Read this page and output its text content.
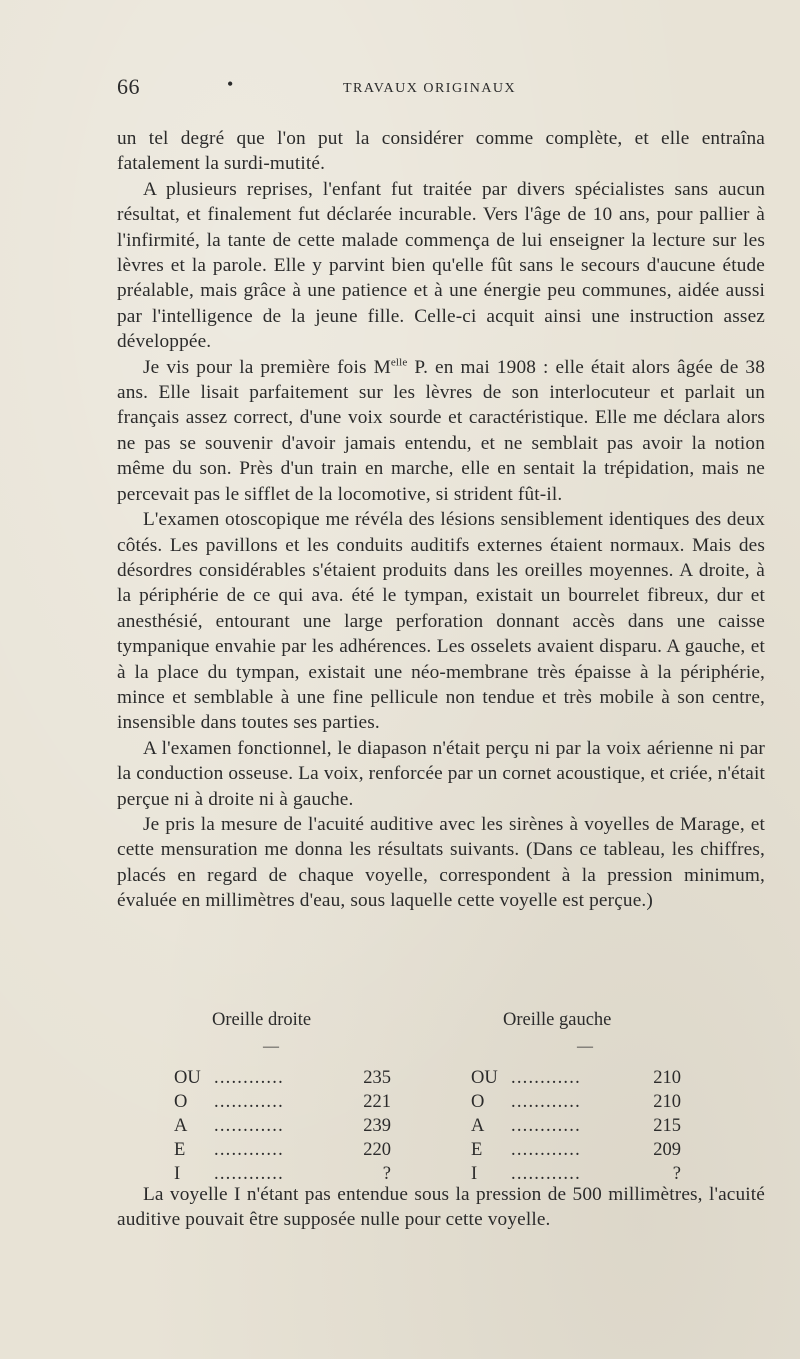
66	•	TRAVAUX ORIGINAUX

un tel degré que l'on put la considérer comme complète, et elle entraîna fatalement la surdi-mutité.

A plusieurs reprises, l'enfant fut traitée par divers spécialistes sans aucun résultat, et finalement fut déclarée incurable. Vers l'âge de 10 ans, pour pallier à l'infirmité, la tante de cette malade commença de lui enseigner la lecture sur les lèvres et la parole. Elle y parvint bien qu'elle fût sans le secours d'aucune étude préalable, mais grâce à une patience et à une énergie peu communes, aidée aussi par l'intelligence de la jeune fille. Celle-ci acquit ainsi une instruction assez développée.

Je vis pour la première fois $M^{elle}$ P. en mai 1908 : elle était alors âgée de 38 ans. Elle lisait parfaitement sur les lèvres de son interlocuteur et parlait un français assez correct, d'une voix sourde et caractéristique. Elle me déclara alors ne pas se souvenir d'avoir jamais entendu, et ne semblait pas avoir la notion même du son. Près d'un train en marche, elle en sentait la trépidation, mais ne percevait pas le sifflet de la locomotive, si strident fût-il.

L'examen otoscopique me révéla des lésions sensiblement identiques des deux côtés. Les pavillons et les conduits auditifs externes étaient normaux. Mais des désordres considérables s'étaient produits dans les oreilles moyennes. A droite, à la périphérie de ce qui ava. été le tympan, existait un bourrelet fibreux, dur et anesthésié, entourant une large perforation donnant accès dans une caisse tympanique envahie par les adhérences. Les osselets avaient disparu. A gauche, et à la place du tympan, existait une néo-membrane très épaisse à la périphérie, mince et semblable à une fine pellicule non tendue et très mobile à son centre, insensible dans toutes ses parties.

A l'examen fonctionnel, le diapason n'était perçu ni par la voix aérienne ni par la conduction osseuse. La voix, renforcée par un cornet acoustique, et criée, n'était perçue ni à droite ni à gauche.

Je pris la mesure de l'acuité auditive avec les sirènes à voyelles de Marage, et cette mensuration me donna les résultats suivants. (Dans ce tableau, les chiffres, placés en regard de chaque voyelle, correspondent à la pression minimum, évaluée en millimètres d'eau, sous laquelle cette voyelle est perçue.)

Oreille droite
—
OU ............	235
O ............	221
A ............	239
E ............	220
I ............	?
Oreille gauche
—
OU ............	210
O ............	210
A ............	215
E ............	209
I ............	?

La voyelle I n'étant pas entendue sous la pression de 500 millimètres, l'acuité auditive pouvait être supposée nulle pour cette voyelle.
